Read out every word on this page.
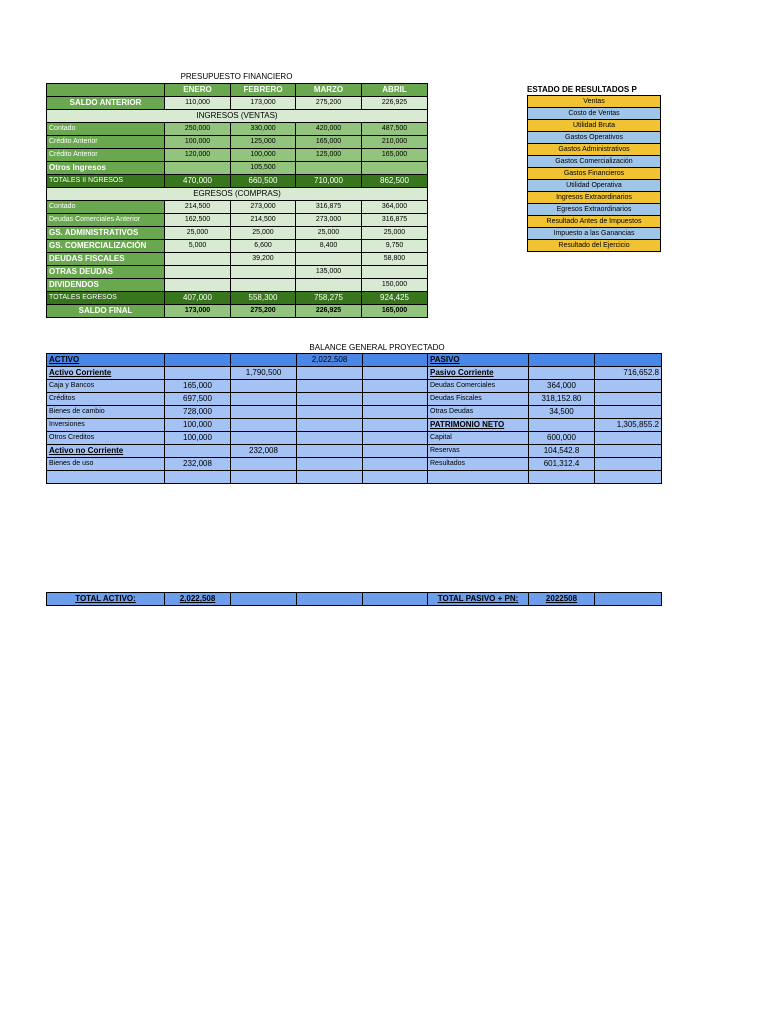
PRESUPUESTO FINANCIERO
	ENERO	FEBRERO	MARZO	ABRIL
SALDO ANTERIOR	110,000	173,000	275,200	226,925
INGRESOS (VENTAS)				
Contado	250,000	330,000	420,000	487,500
Crédito Anterior	100,000	125,000	165,000	210,000
Crédito Anterior	120,000	100,000	125,000	165,000
Otros Ingresos		105,500		
TOTALES II NGRESOS	470,000	660,500	710,000	862,500
EGRESOS (COMPRAS)				
Contado	214,500	273,000	316,875	364,000
Deudas Comerciales Anterior	162,500	214,500	273,000	316,875
GS. ADMINISTRATIVOS	25,000	25,000	25,000	25,000
GS. COMERCIALIZACIÓN	5,000	6,600	8,400	9,750
DEUDAS FISCALES		39,200		58,800
OTRAS DEUDAS			135,000	
DIVIDENDOS				150,000
TOTALES EGRESOS	407,000	558,300	758,275	924,425
SALDO FINAL	173,000	275,200	226,925	165,000
ESTADO DE RESULTADOS P
Ventas
Costo de Ventas
Utilidad Bruta
Gastos Operativos
Gastos Administrativos
Gastos Comercialización
Gastos Financieros
Utilidad Operativa
Ingresos Extraordinarios
Egresos Extraordinarios
Resultado Antes de Impuestos
Impuesto a las Ganancias
Resultado del Ejercicio
BALANCE GENERAL PROYECTADO
ACTIVO			2,022,508		PASIVO		
Activo Corriente		1,790,500			Pasivo Corriente		716,652.8
Caja y Bancos	165,000				Deudas Comerciales	364,000	
Créditos	697,500				Deudas Fiscales	318,152.80	
Bienes de cambio	728,000				Otras Deudas	34,500	
Inversiones	100,000				PATRIMONIO NETO		1,305,855.2
Otros Creditos	100,000				Capital	600,000	
Activo no Corriente		232,008			Reservas	104,542.8	
Bienes de uso	232,008				Resultados	601,312.4	

TOTAL ACTIVO:	2,022,508				TOTAL PASIVO + PN:	2022508	
